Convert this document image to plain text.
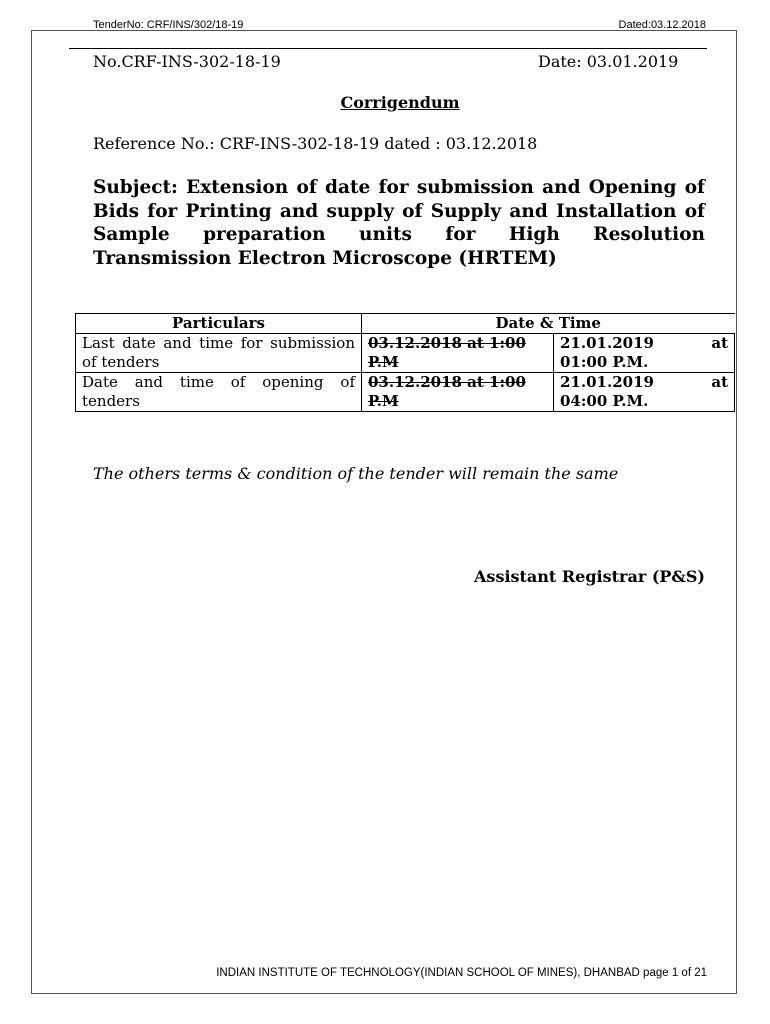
TenderNo: CRF/INS/302/18-19	Dated:03.12.2018
No.CRF-INS-302-18-19	Date: 03.01.2019
Corrigendum
Reference No.: CRF-INS-302-18-19 dated : 03.12.2018
Subject: Extension of date for submission and Opening of Bids for Printing and supply of Supply and Installation of Sample preparation units for High Resolution Transmission Electron Microscope (HRTEM)
Particulars	Date & Time	
Last date and time for submission of tenders	03.12.2018 at 1:00 P.M	21.01.2019 at 01:00 P.M.
Date and time of opening of tenders	03.12.2018 at 1:00 P.M	21.01.2019 at 04:00 P.M.
The others terms & condition of the tender will remain the same
Assistant Registrar (P&S)
INDIAN INSTITUTE OF TECHNOLOGY(INDIAN SCHOOL OF MINES), DHANBAD page 1 of 21
